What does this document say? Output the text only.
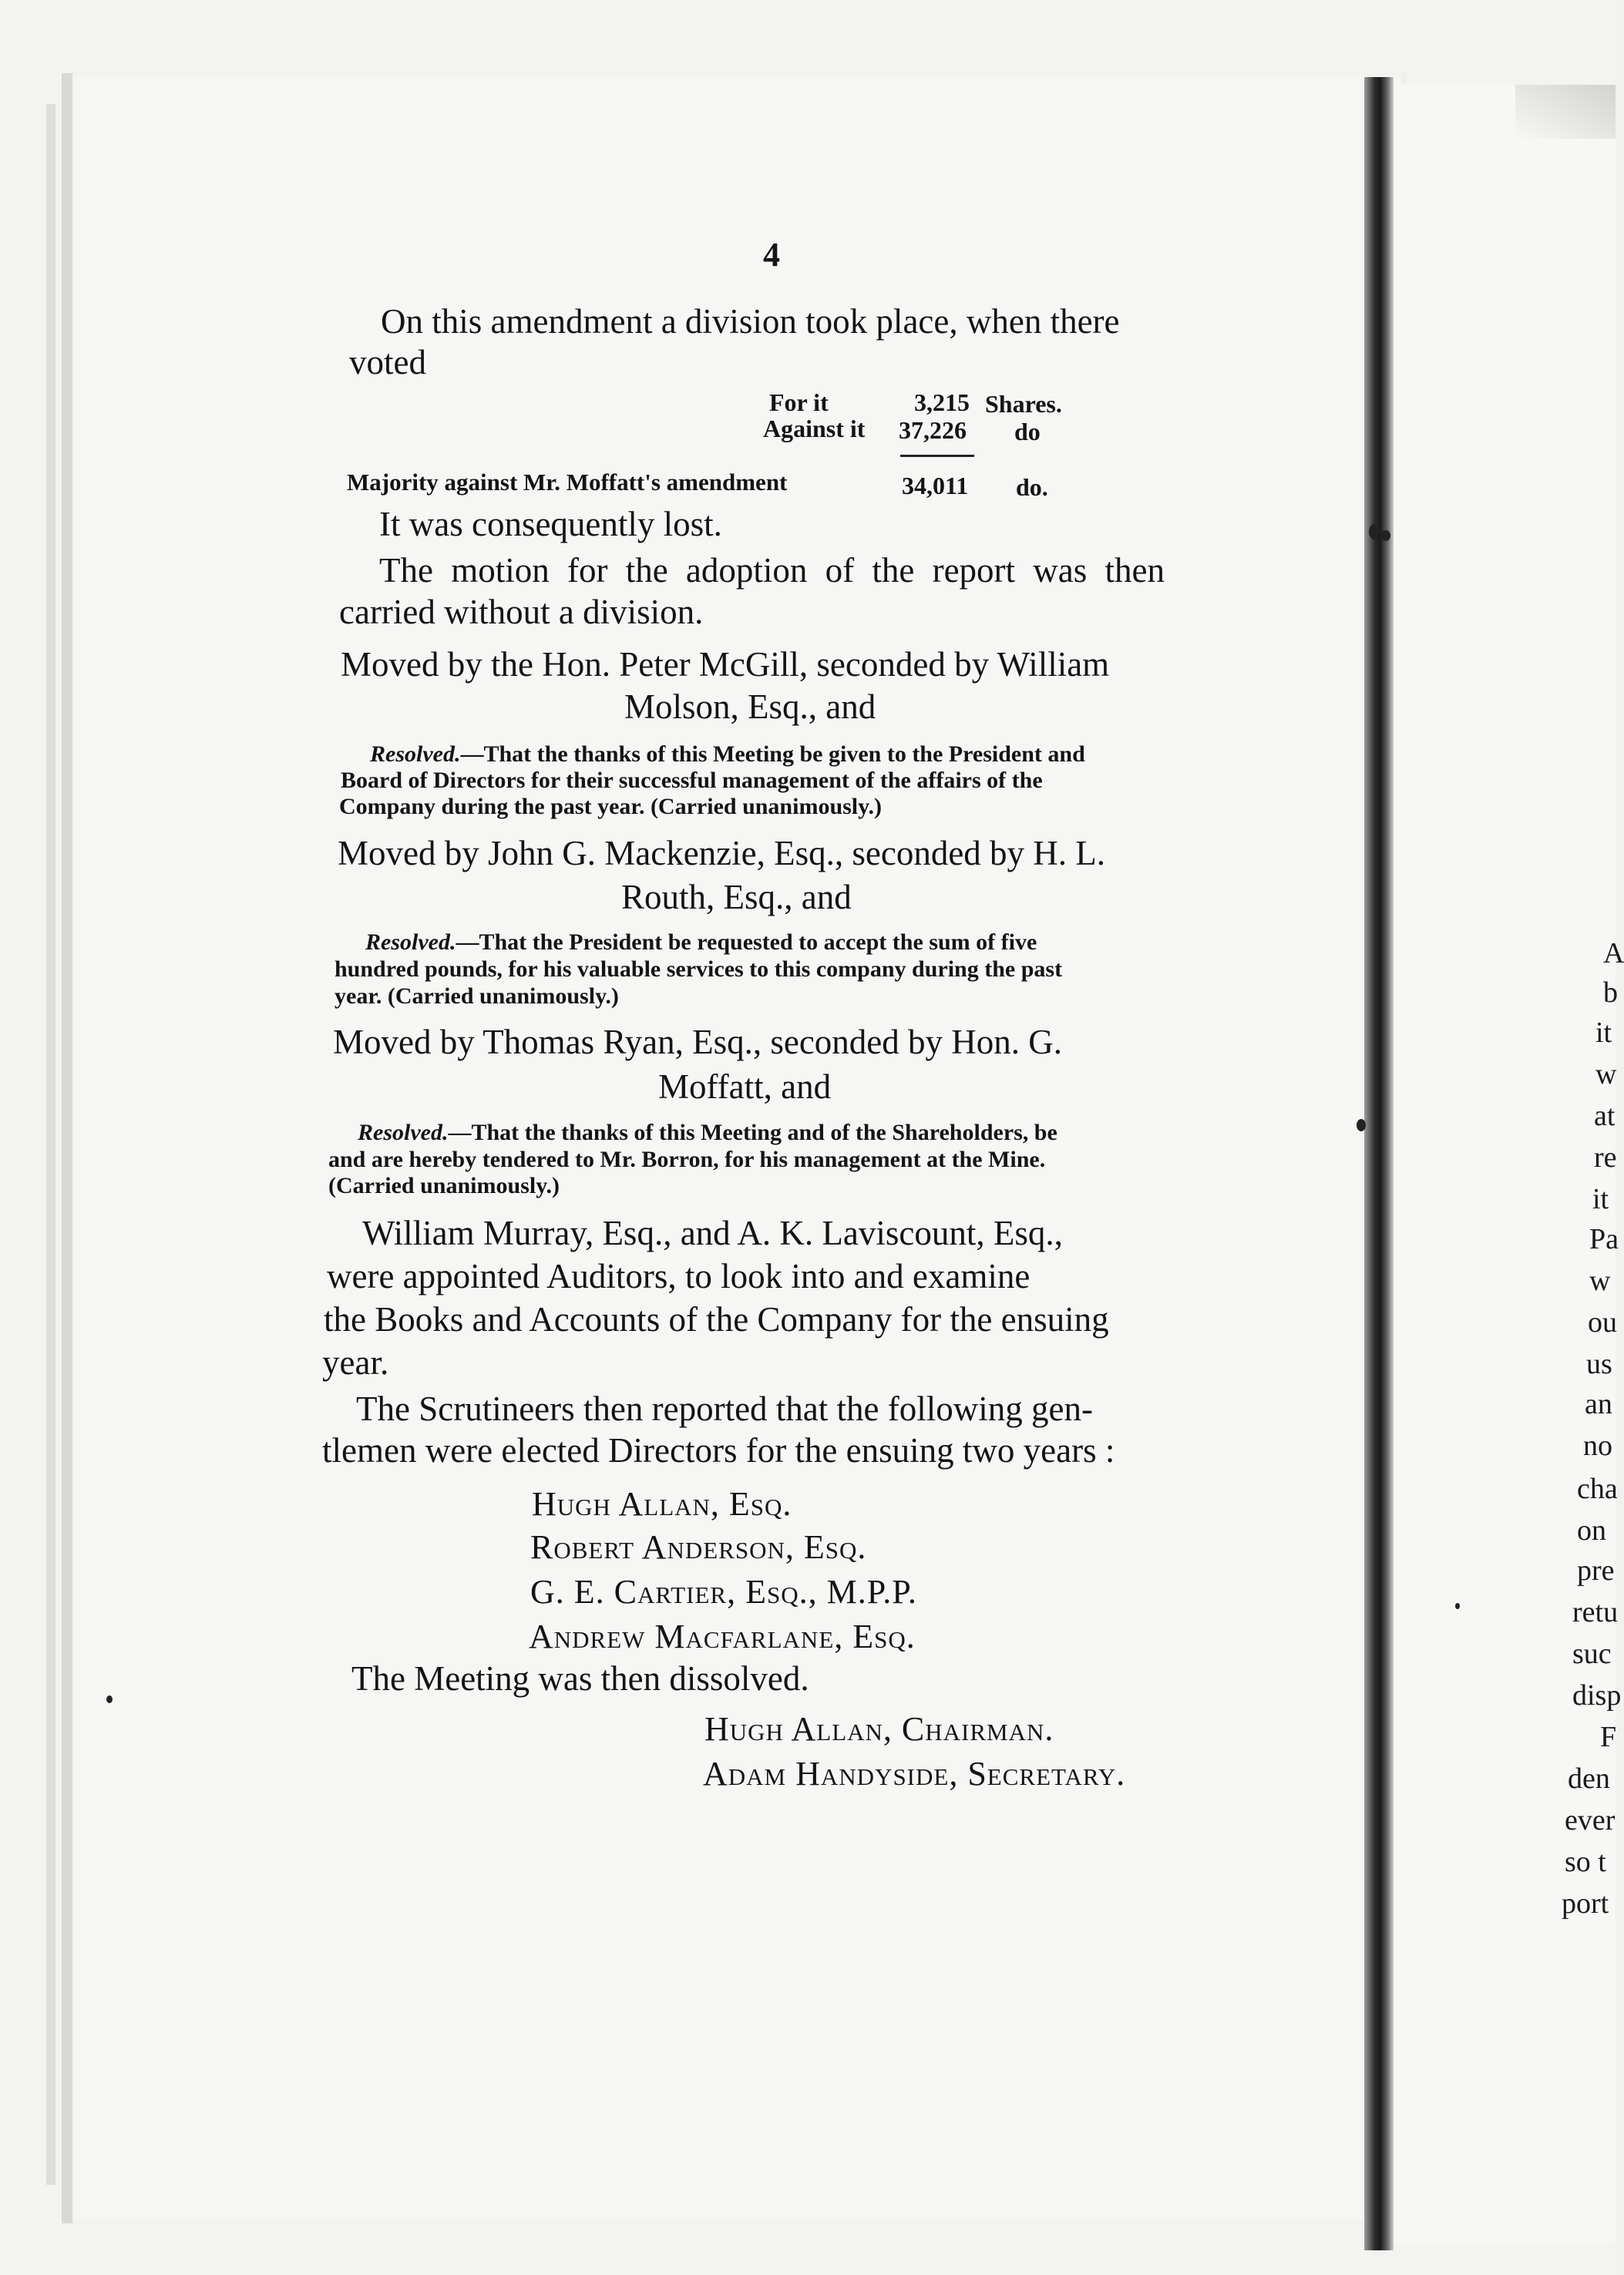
4
On this amendment a division took place, when there
voted
For it	3,215 Shares.
Against it 37,226 do
Majority against Mr. Moffatt's amendment	34,011 do.
It was consequently lost.
The motion for the adoption of the report was then
carried without a division.
Moved by the Hon. Peter McGill, seconded by William
Molson, Esq., and
Resolved.—That the thanks of this Meeting be given to the President and
Board of Directors for their successful management of the affairs of the
Company during the past year. (Carried unanimously.)
Moved by John G. Mackenzie, Esq., seconded by H. L.
Routh, Esq., and
Resolved.—That the President be requested to accept the sum of five
hundred pounds, for his valuable services to this company during the past
year. (Carried unanimously.)
Moved by Thomas Ryan, Esq., seconded by Hon. G.
Moffatt, and
Resolved.—That the thanks of this Meeting and of the Shareholders, be
and are hereby tendered to Mr. Borron, for his management at the Mine.
(Carried unanimously.)
William Murray, Esq., and A. K. Laviscount, Esq.,
were appointed Auditors, to look into and examine
the Books and Accounts of the Company for the ensuing
year.
The Scrutineers then reported that the following gen-
tlemen were elected Directors for the ensuing two years :
Hugh Allan, Esq.
Robert Anderson, Esq.
G. E. Cartier, Esq., M.P.P.
Andrew Macfarlane, Esq.
The Meeting was then dissolved.
Hugh Allan, Chairman.
Adam Handyside, Secretary.
A
b
it
w
at
re
it
Pa
w
ou
us
an
no
cha
on
pre
retu
suc
disp
F
den
ever
so t
port
